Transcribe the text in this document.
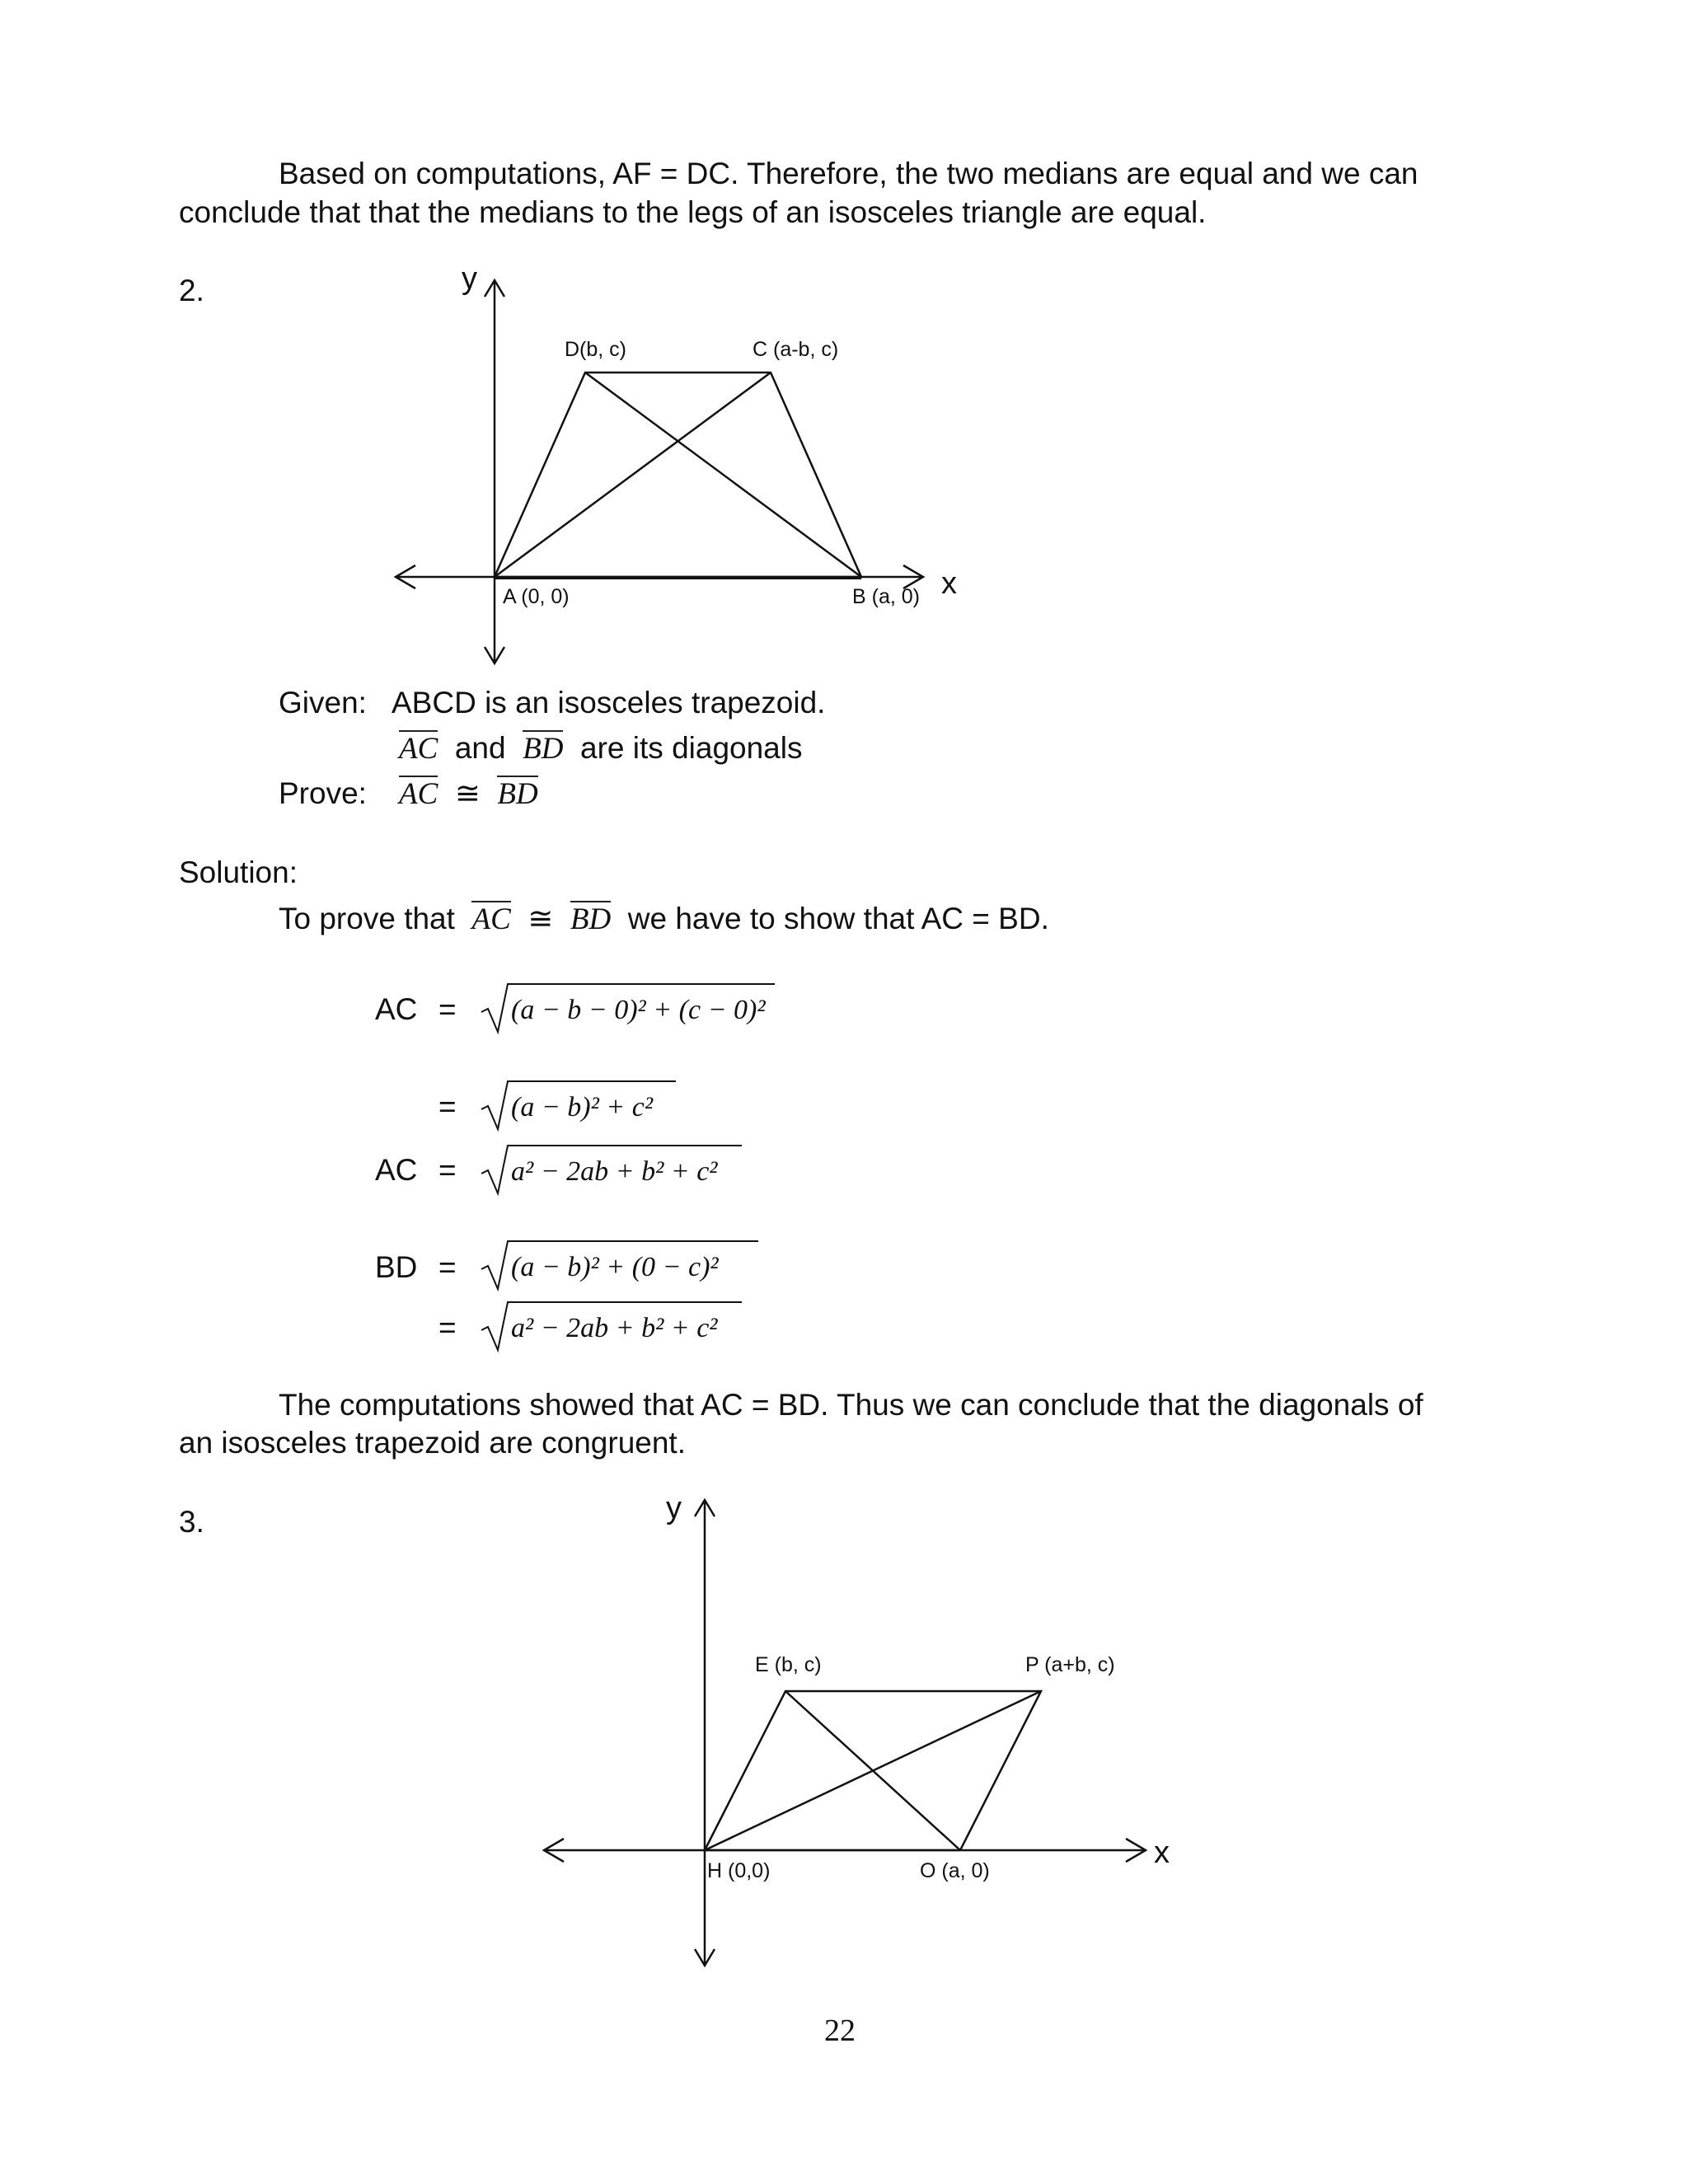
Based on computations, AF = DC. Therefore, the two medians are equal and we can
conclude that that the medians to the legs of an isosceles triangle are equal.
2.	y
x
D(b, c)	C (a-b, c)
A (0, 0)	B (a, 0)
Given: ABCD is an isosceles trapezoid.
AC and BD are its diagonals
Prove: AC ≅ BD
Solution:
To prove that AC ≅ BD we have to show that AC = BD.
AC = (a − b − 0)² + (c − 0)²
= (a − b)² + c²
AC = a² − 2ab + b² + c²
BD = (a − b)² + (0 − c)²
= a² − 2ab + b² + c²
The computations showed that AC = BD. Thus we can conclude that the diagonals of
an isosceles trapezoid are congruent.
3.	y
x
E (b, c)	P (a+b, c)
H (0,0)	O (a, 0)
22
